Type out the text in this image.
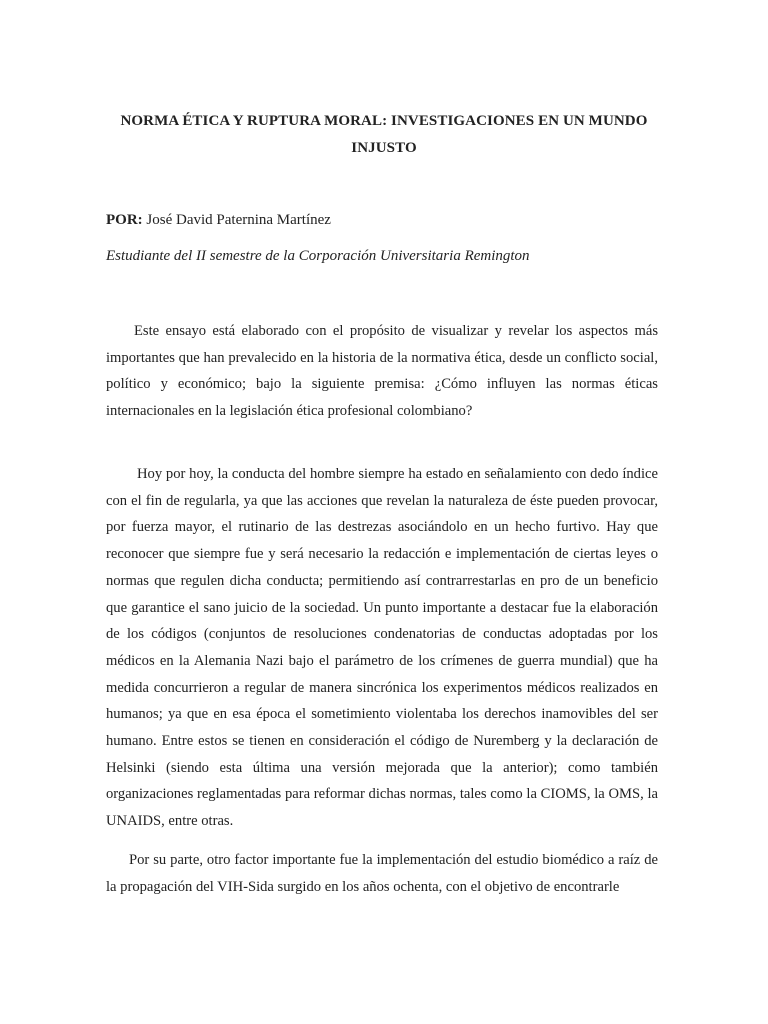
NORMA ÉTICA Y RUPTURA MORAL: INVESTIGACIONES EN UN MUNDO INJUSTO

POR: José David Paternina Martínez

Estudiante del II semestre de la Corporación Universitaria Remington

Este ensayo está elaborado con el propósito de visualizar y revelar los aspectos más importantes que han prevalecido en la historia de la normativa ética, desde un conflicto social, político y económico; bajo la siguiente premisa: ¿Cómo influyen las normas éticas internacionales en la legislación ética profesional colombiano?

Hoy por hoy, la conducta del hombre siempre ha estado en señalamiento con dedo índice con el fin de regularla, ya que las acciones que revelan la naturaleza de éste pueden provocar, por fuerza mayor, el rutinario de las destrezas asociándolo en un hecho furtivo. Hay que reconocer que siempre fue y será necesario la redacción e implementación de ciertas leyes o normas que regulen dicha conducta; permitiendo así contrarrestarlas en pro de un beneficio que garantice el sano juicio de la sociedad. Un punto importante a destacar fue la elaboración de los códigos (conjuntos de resoluciones condenatorias de conductas adoptadas por los médicos en la Alemania Nazi bajo el parámetro de los crímenes de guerra mundial) que ha medida concurrieron a regular de manera sincrónica los experimentos médicos realizados en humanos; ya que en esa época el sometimiento violentaba los derechos inamovibles del ser humano. Entre estos se tienen en consideración el código de Nuremberg y la declaración de Helsinki (siendo esta última una versión mejorada que la anterior); como también organizaciones reglamentadas para reformar dichas normas, tales como la CIOMS, la OMS, la UNAIDS, entre otras.

Por su parte, otro factor importante fue la implementación del estudio biomédico a raíz de la propagación del VIH-Sida surgido en los años ochenta, con el objetivo de encontrarle
